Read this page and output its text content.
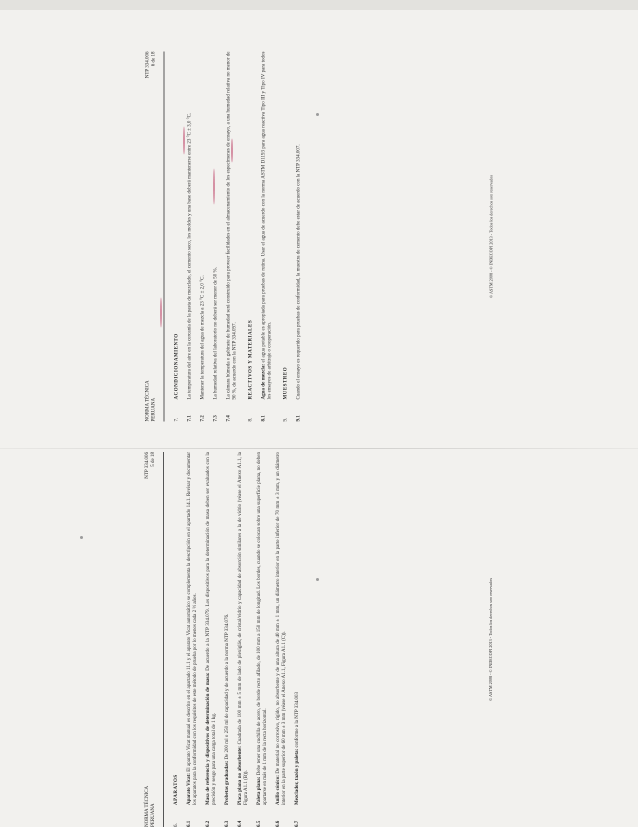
NORMA TÉCNICA PERUANA
NTP 334.006 6 de 18
7.
ACONDICIONAMIENTO
7.1
La temperatura del aire en la cercanía de la pasta de mezclado, el cemento seco, los moldes y una base deberá mantenerse entre 23 °C ± 3,0 °C.
7.2
Mantener la temperatura del agua de mezcla a 23 °C ± 2,0 °C.
7.3
La humedad relativa del laboratorio no deberá ser menor de 50 %.
7.4
La cámara húmeda o gabinete de humedad será construido para proveer facilidades en el almacenamiento de los especímenes de ensayo, a una humedad relativa no menor de 90 %, de acuerdo con la NTP 334.097.
8.
REACTIVOS Y MATERIALES
8.1
Agua de mezcla: el agua potable es apropiada para pruebas de rutina. Usar el agua de acuerdo con la norma ASTM D1193 para agua reactiva Tipo III y Tipo IV para todos los ensayos de arbitraje o cooperación.
9.
MUESTREO
9.1
Cuando el ensayo es requerido para pruebas de conformidad, la muestra de cemento debe estar de acuerdo con la NTP 334.007.	© ASTM 2008 - © INDECOPI 2013 - Todos los derechos son reservados
NORMA TÉCNICA PERUANA
NTP 334.006 5 de 18
6.
APARATOS
6.1
Aparato Vicat: El aparato Vicat manual es descrito en el apartado 11.1 y el aparato Vicat automático se complementa la descripción en el apartado 14.1. Revisar y documentar los aparatos para la conformidad con los requisitos de este método de prueba por lo menos cada 2 ½ años.
6.2
Masa de referencia y dispositivos de determinación de masa: De acuerdo a la NTP 334.079. Los dispositivos para la determinación de masa deben ser evaluados con la precisión y sesgo para una carga total de 1 kg.
6.3
Probetas graduadas: De 200 ml o 250 ml de capacidad y de acuerdo a la norma NTP 334.076.
6.4
Placa plana no absorbente: Cuadrada de 100 mm ± 5 mm de lado de plexiglás, de cristal/vidrio y capacidad de absorción similares a la de vidrio (véase el Anexo A1.1, la Figura A1.1 (B)).
6.5
Paleta plana: Debe tener una cuchilla de acero, de borde recto afilado, de 100 mm a 150 mm de longitud. Los bordes, cuando se colocan sobre una superficie plana, no deben apartarse en más de 1 mm de la recta horizontal.
6.6
Anillo cónico: De material no corrosivo, rígido, no absorbente y de una altura de 40 mm ± 1 mm, un diámetro interior en la parte inferior de 70 mm ± 3 mm, y un diámetro interior en la parte superior de 60 mm ± 3 mm (véase el Anexo A1.1, Figura A1.1 (C)).
6.7
Mezclador, tazón y paleta: conforme a la NTP 334.003
© ASTM 2008 - © INDECOPI 2013 - Todos los derechos son reservados
